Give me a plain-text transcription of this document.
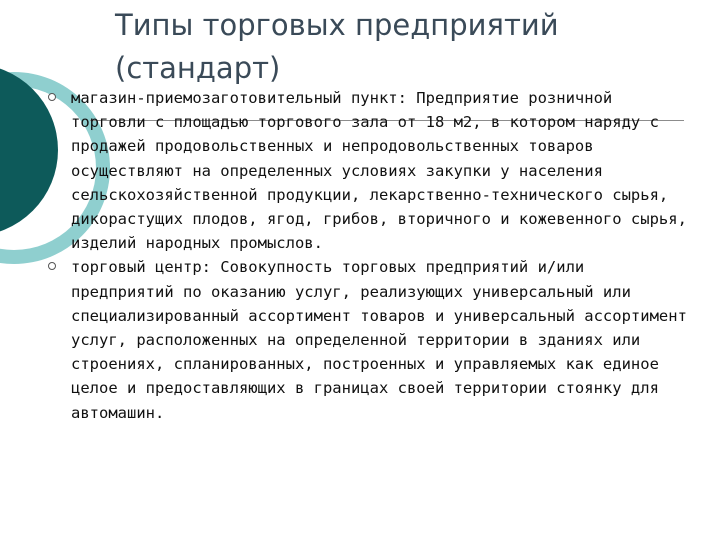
Типы торговых предприятий
(стандарт)
магазин-приемозаготовительный пункт: Предприятие розничной торговли с площадью торгового зала от 18 м2, в котором наряду с продажей продовольственных и непродовольственных товаров осуществляют на определенных условиях закупки у населения сельскохозяйственной продукции, лекарственно-технического сырья, дикорастущих плодов, ягод, грибов, вторичного и кожевенного сырья, изделий народных промыслов.
торговый центр: Совокупность торговых предприятий и/или предприятий по оказанию услуг, реализующих универсальный или специализированный ассортимент товаров и универсальный ассортимент услуг, расположенных на определенной территории в зданиях или строениях, спланированных, построенных и управляемых как единое целое и предоставляющих в границах своей территории стоянку для автомашин.
